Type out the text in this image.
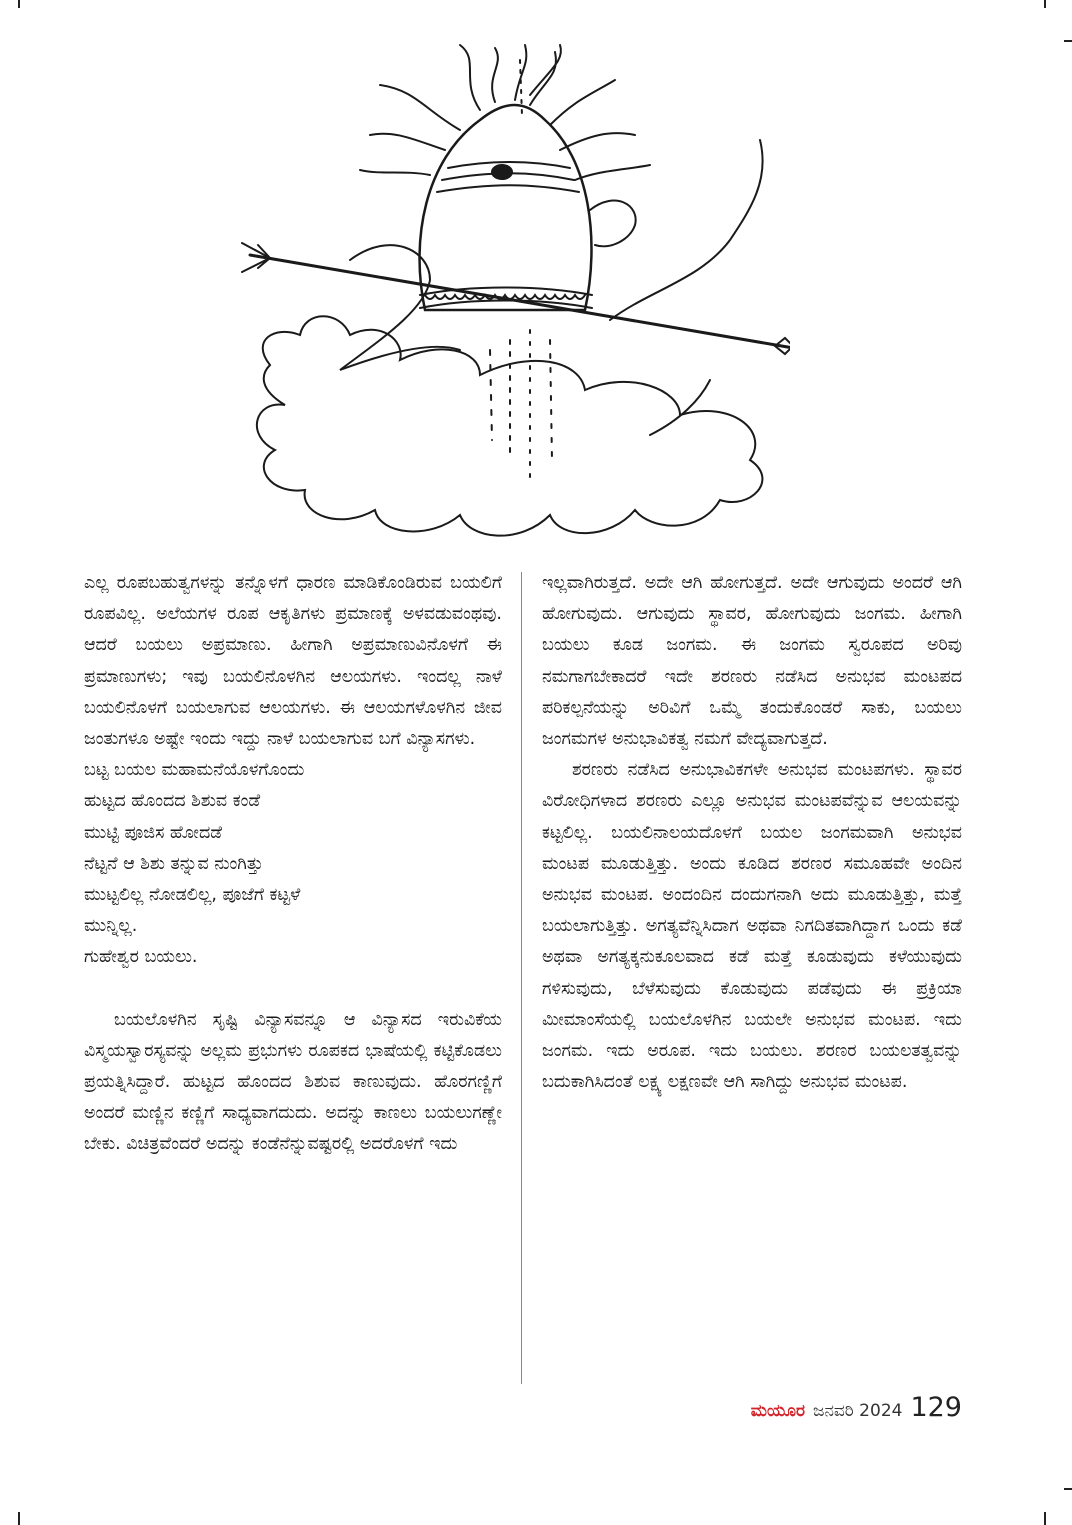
ಎಲ್ಲ ರೂಪಬಹುತ್ವಗಳನ್ನು ತನ್ನೊಳಗೆ ಧಾರಣ ಮಾಡಿಕೊಂಡಿರುವ ಬಯಲಿಗೆ ರೂಪವಿಲ್ಲ. ಅಲೆಯಗಳ ರೂಪ ಆಕೃತಿಗಳು ಪ್ರಮಾಣಕ್ಕೆ ಅಳವಡುವಂಥವು. ಆದರೆ ಬಯಲು ಅಪ್ರಮಾಣು. ಹೀಗಾಗಿ ಅಪ್ರಮಾಣುವಿನೊಳಗೆ ಈ ಪ್ರಮಾಣುಗಳು; ಇವು ಬಯಲಿನೊಳಗಿನ ಆಲಯಗಳು. ಇಂದಲ್ಲ ನಾಳೆ ಬಯಲಿನೊಳಗೆ ಬಯಲಾಗುವ ಆಲಯಗಳು. ಈ ಆಲಯಗಳೊಳಗಿನ ಜೀವ ಜಂತುಗಳೂ ಅಷ್ಟೇ ಇಂದು ಇದ್ದು ನಾಳೆ ಬಯಲಾಗುವ ಬಗೆ ವಿನ್ಯಾಸಗಳು.

ಬಟ್ಟ ಬಯಲ ಮಹಾಮನೆಯೊಳಗೊಂದು

ಹುಟ್ಟದ ಹೊಂದದ ಶಿಶುವ ಕಂಡೆ

ಮುಟ್ಟಿ ಪೂಜಿಸ ಹೋದಡೆ

ನೆಟ್ಟನೆ ಆ ಶಿಶು ತನ್ನುವ ನುಂಗಿತ್ತು

ಮುಟ್ಟಲಿಲ್ಲ ನೋಡಲಿಲ್ಲ, ಪೂಜೆಗೆ ಕಟ್ಟಳೆ

ಮುನ್ನಿಲ್ಲ.

ಗುಹೇಶ್ವರ ಬಯಲು.

ಬಯಲೊಳಗಿನ ಸೃಷ್ಟಿ ವಿನ್ಯಾಸವನ್ನೂ ಆ ವಿನ್ಯಾಸದ ಇರುವಿಕೆಯ ವಿಸ್ಮಯಸ್ವಾರಸ್ಯವನ್ನು ಅಲ್ಲಮ ಪ್ರಭುಗಳು ರೂಪಕದ ಭಾಷೆಯಲ್ಲಿ ಕಟ್ಟಿಕೊಡಲು ಪ್ರಯತ್ನಿಸಿದ್ದಾರೆ. ಹುಟ್ಟದ ಹೊಂದದ ಶಿಶುವ ಕಾಣುವುದು. ಹೊರಗಣ್ಣಿಗೆ ಅಂದರೆ ಮಣ್ಣಿನ ಕಣ್ಣಿಗೆ ಸಾಧ್ಯವಾಗದುದು. ಅದನ್ನು ಕಾಣಲು ಬಯಲುಗಣ್ಣೇ ಬೇಕು. ವಿಚಿತ್ರವೆಂದರೆ ಅದನ್ನು ಕಂಡೆನೆನ್ನುವಷ್ಟರಲ್ಲಿ ಅದರೊಳಗೆ ಇದು

ಇಲ್ಲವಾಗಿರುತ್ತದೆ. ಅದೇ ಆಗಿ ಹೋಗುತ್ತದೆ. ಅದೇ ಆಗುವುದು ಅಂದರೆ ಆಗಿ ಹೋಗುವುದು. ಆಗುವುದು ಸ್ಥಾವರ, ಹೋಗುವುದು ಜಂಗಮ. ಹೀಗಾಗಿ ಬಯಲು ಕೂಡ ಜಂಗಮ. ಈ ಜಂಗಮ ಸ್ವರೂಪದ ಅರಿವು ನಮಗಾಗಬೇಕಾದರೆ ಇದೇ ಶರಣರು ನಡೆಸಿದ ಅನುಭವ ಮಂಟಪದ ಪರಿಕಲ್ಪನೆಯನ್ನು ಅರಿವಿಗೆ ಒಮ್ಮೆ ತಂದುಕೊಂಡರೆ ಸಾಕು, ಬಯಲು ಜಂಗಮಗಳ ಅನುಭಾವಿಕತ್ವ ನಮಗೆ ವೇದ್ಯವಾಗುತ್ತದೆ.

ಶರಣರು ನಡೆಸಿದ ಅನುಭಾವಿಕಗಳೇ ಅನುಭವ ಮಂಟಪಗಳು. ಸ್ಥಾವರ ವಿರೋಧಿಗಳಾದ ಶರಣರು ಎಲ್ಲೂ ಅನುಭವ ಮಂಟಪವೆನ್ನುವ ಆಲಯವನ್ನು ಕಟ್ಟಲಿಲ್ಲ. ಬಯಲಿನಾಲಯದೊಳಗೆ ಬಯಲ ಜಂಗಮವಾಗಿ ಅನುಭವ ಮಂಟಪ ಮೂಡುತ್ತಿತ್ತು. ಅಂದು ಕೂಡಿದ ಶರಣರ ಸಮೂಹವೇ ಅಂದಿನ ಅನುಭವ ಮಂಟಪ. ಅಂದಂದಿನ ದಂದುಗನಾಗಿ ಅದು ಮೂಡುತ್ತಿತ್ತು, ಮತ್ತೆ ಬಯಲಾಗುತ್ತಿತ್ತು. ಅಗತ್ಯವೆನ್ನಿಸಿದಾಗ ಅಥವಾ ನಿಗದಿತವಾಗಿದ್ದಾಗ ಒಂದು ಕಡೆ ಅಥವಾ ಅಗತ್ಯಕ್ಕನುಕೂಲವಾದ ಕಡೆ ಮತ್ತೆ ಕೂಡುವುದು ಕಳೆಯುವುದು ಗಳಿಸುವುದು, ಬೆಳೆಸುವುದು ಕೊಡುವುದು ಪಡೆವುದು ಈ ಪ್ರಕ್ರಿಯಾ ಮೀಮಾಂಸೆಯಲ್ಲಿ ಬಯಲೊಳಗಿನ ಬಯಲೇ ಅನುಭವ ಮಂಟಪ. ಇದು ಜಂಗಮ. ಇದು ಅರೂಪ. ಇದು ಬಯಲು. ಶರಣರ ಬಯಲತತ್ವವನ್ನು ಬದುಕಾಗಿಸಿದಂತೆ ಲಕ್ಷ್ಯ ಲಕ್ಷಣವೇ ಆಗಿ ಸಾಗಿದ್ದು ಅನುಭವ ಮಂಟಪ.

ಮಯೂರ ಜನವರಿ 2024 129
